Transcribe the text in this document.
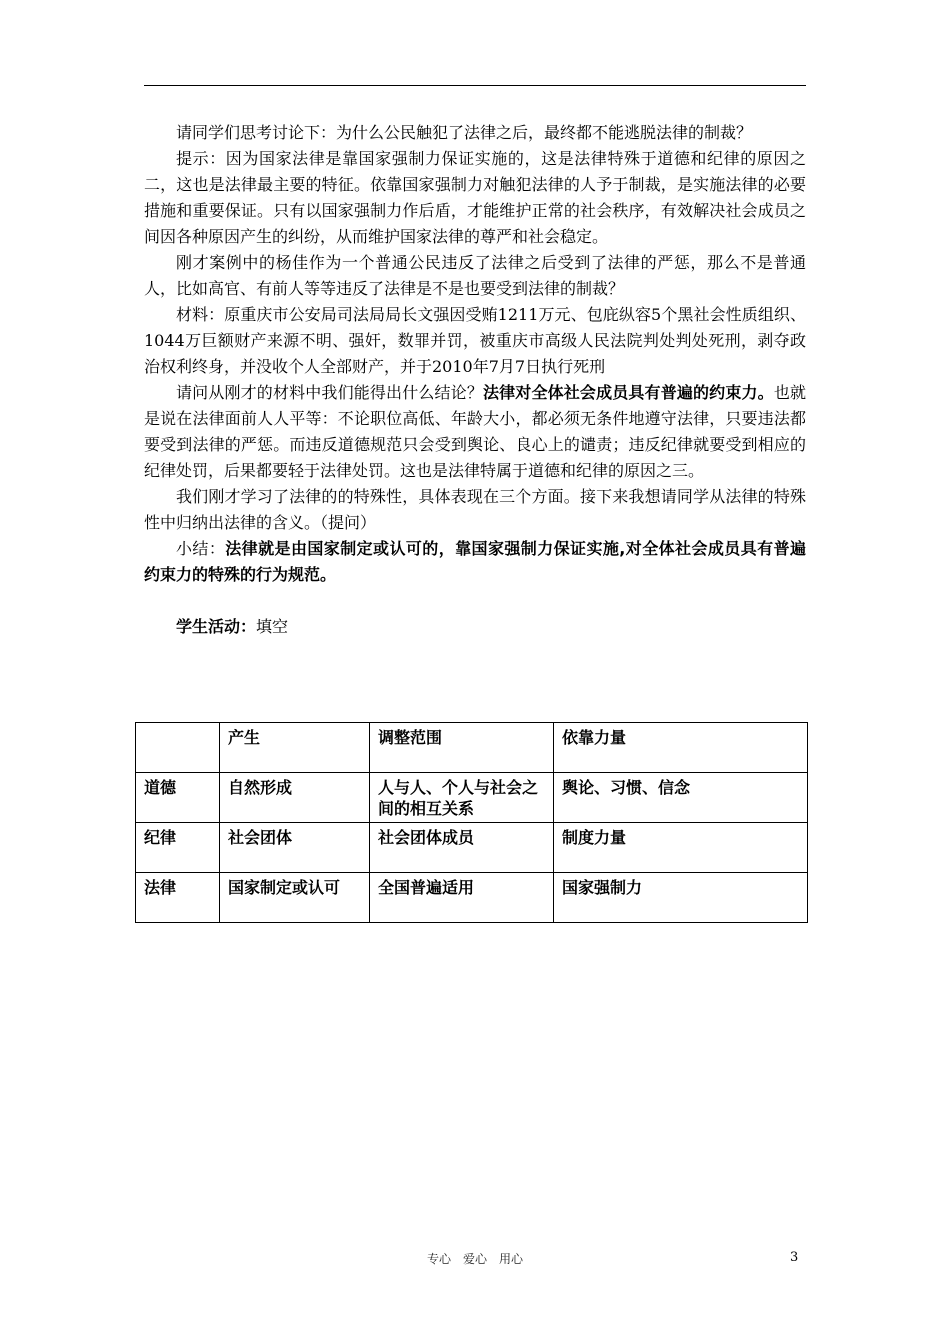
请同学们思考讨论下：为什么公民触犯了法律之后，最终都不能逃脱法律的制裁？

提示：因为国家法律是靠国家强制力保证实施的，这是法律特殊于道德和纪律的原因之二，这也是法律最主要的特征。依靠国家强制力对触犯法律的人予于制裁，是实施法律的必要措施和重要保证。只有以国家强制力作后盾，才能维护正常的社会秩序，有效解决社会成员之间因各种原因产生的纠纷，从而维护国家法律的尊严和社会稳定。

刚才案例中的杨佳作为一个普通公民违反了法律之后受到了法律的严惩，那么不是普通人，比如高官、有前人等等违反了法律是不是也要受到法律的制裁？

材料：原重庆市公安局司法局局长文强因受贿1211万元、包庇纵容5个黑社会性质组织、1044万巨额财产来源不明、强奸，数罪并罚，被重庆市高级人民法院判处判处死刑，剥夺政治权利终身，并没收个人全部财产，并于2010年7月7日执行死刑

请问从刚才的材料中我们能得出什么结论？法律对全体社会成员具有普遍的约束力。也就是说在法律面前人人平等：不论职位高低、年龄大小，都必须无条件地遵守法律，只要违法都要受到法律的严惩。而违反道德规范只会受到舆论、良心上的谴责；违反纪律就要受到相应的纪律处罚，后果都要轻于法律处罚。这也是法律特属于道德和纪律的原因之三。

我们刚才学习了法律的的特殊性，具体表现在三个方面。接下来我想请同学从法律的特殊性中归纳出法律的含义。（提问）

小结：法律就是由国家制定或认可的，靠国家强制力保证实施,对全体社会成员具有普遍约束力的特殊的行为规范。

学生活动：填空
	产生	调整范围	依靠力量
道德	自然形成	人与人、个人与社会之间的相互关系	舆论、习惯、信念
纪律	社会团体	社会团体成员	制度力量
法律	国家制定或认可	全国普遍适用	国家强制力
专心　爱心　用心	3
